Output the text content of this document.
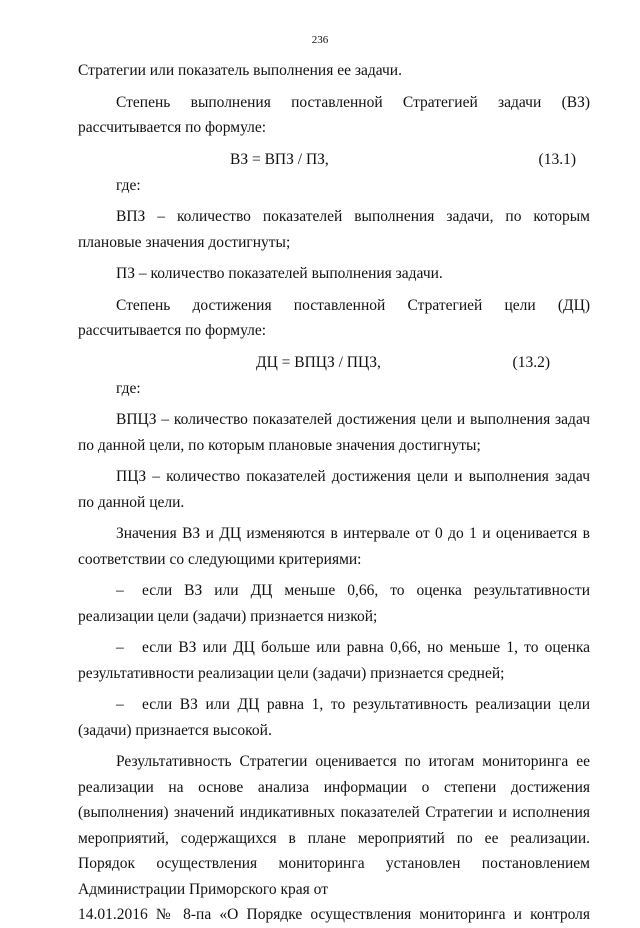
236

Стратегии или показатель выполнения ее задачи.

Степень выполнения поставленной Стратегией задачи (ВЗ) рассчитывается по формуле:

ВЗ = ВПЗ / ПЗ,	(13.1)

где:

ВПЗ – количество показателей выполнения задачи, по которым плановые значения достигнуты;

ПЗ – количество показателей выполнения задачи.

Степень достижения поставленной Стратегией цели (ДЦ) рассчитывается по формуле:

ДЦ = ВПЦЗ / ПЦЗ,	(13.2)

где:

ВПЦЗ – количество показателей достижения цели и выполнения задач по данной цели, по которым плановые значения достигнуты;

ПЦЗ – количество показателей достижения цели и выполнения задач по данной цели.

Значения ВЗ и ДЦ изменяются в интервале от 0 до 1 и оценивается в соответствии со следующими критериями:

– если ВЗ или ДЦ меньше 0,66, то оценка результативности реализации цели (задачи) признается низкой;

– если ВЗ или ДЦ больше или равна 0,66, но меньше 1, то оценка результативности реализации цели (задачи) признается средней;

– если ВЗ или ДЦ равна 1, то результативность реализации цели (задачи) признается высокой.

Результативность Стратегии оценивается по итогам мониторинга ее реализации на основе анализа информации о степени достижения (выполнения) значений индикативных показателей Стратегии и исполнения мероприятий, содержащихся в плане мероприятий по ее реализации. Порядок осуществления мониторинга установлен постановлением Администрации Приморского края от

14.01.2016 № 8-па «О Порядке осуществления мониторинга и контроля
